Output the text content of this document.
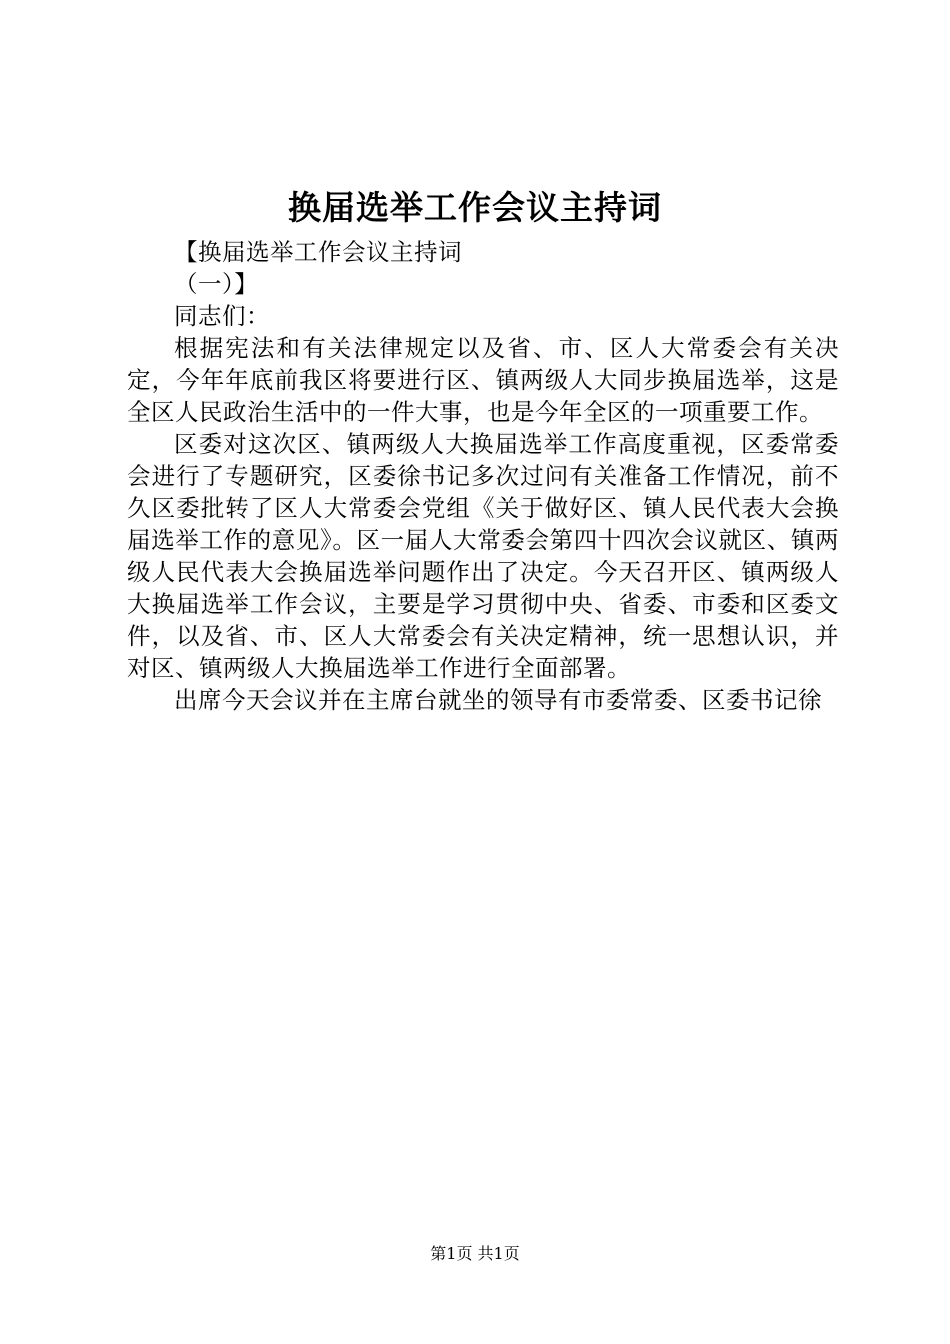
换届选举工作会议主持词

【换届选举工作会议主持词

（一）】

同志们：

根据宪法和有关法律规定以及省、市、区人大常委会有关决定，今年年底前我区将要进行区、镇两级人大同步换届选举，这是全区人民政治生活中的一件大事，也是今年全区的一项重要工作。

区委对这次区、镇两级人大换届选举工作高度重视，区委常委会进行了专题研究，区委徐书记多次过问有关准备工作情况，前不久区委批转了区人大常委会党组《关于做好区、镇人民代表大会换届选举工作的意见》。区一届人大常委会第四十四次会议就区、镇两级人民代表大会换届选举问题作出了决定。今天召开区、镇两级人大换届选举工作会议，主要是学习贯彻中央、省委、市委和区委文件，以及省、市、区人大常委会有关决定精神，统一思想认识，并对区、镇两级人大换届选举工作进行全面部署。

出席今天会议并在主席台就坐的领导有市委常委、区委书记徐

第1页 共1页
